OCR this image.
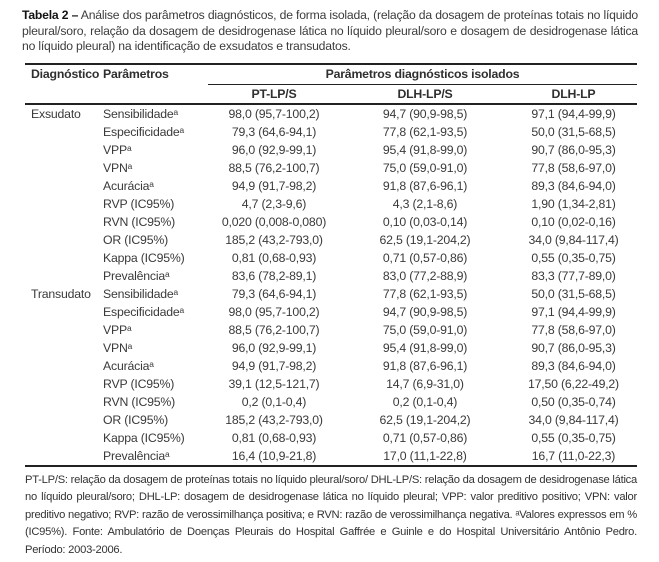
Tabela 2 – Análise dos parâmetros diagnósticos, de forma isolada, (relação da dosagem de proteínas totais no líquido pleural/soro, relação da dosagem de desidrogenase lática no líquido pleural/soro e dosagem de desidrogenase lática no líquido pleural) na identificação de exsudatos e transudatos.

Diagnóstico	Parâmetros	Parâmetros diagnósticos isolados		
		PT-LP/S	DLH-LP/S	DLH-LP
Exsudato	Sensibilidadeᵃ	98,0 (95,7-100,2)	94,7 (90,9-98,5)	97,1 (94,4-99,9)
	Especificidadeᵃ	79,3 (64,6-94,1)	77,8 (62,1-93,5)	50,0 (31,5-68,5)
	VPPᵃ	96,0 (92,9-99,1)	95,4 (91,8-99,0)	90,7 (86,0-95,3)
	VPNᵃ	88,5 (76,2-100,7)	75,0 (59,0-91,0)	77,8 (58,6-97,0)
	Acuráciaᵃ	94,9 (91,7-98,2)	91,8 (87,6-96,1)	89,3 (84,6-94,0)
	RVP (IC95%)	4,7 (2,3-9,6)	4,3 (2,1-8,6)	1,90 (1,34-2,81)
	RVN (IC95%)	0,020 (0,008-0,080)	0,10 (0,03-0,14)	0,10 (0,02-0,16)
	OR (IC95%)	185,2 (43,2-793,0)	62,5 (19,1-204,2)	34,0 (9,84-117,4)
	Kappa (IC95%)	0,81 (0,68-0,93)	0,71 (0,57-0,86)	0,55 (0,35-0,75)
	Prevalênciaᵃ	83,6 (78,2-89,1)	83,0 (77,2-88,9)	83,3 (77,7-89,0)
Transudato	Sensibilidadeᵃ	79,3 (64,6-94,1)	77,8 (62,1-93,5)	50,0 (31,5-68,5)
	Especificidadeᵃ	98,0 (95,7-100,2)	94,7 (90,9-98,5)	97,1 (94,4-99,9)
	VPPᵃ	88,5 (76,2-100,7)	75,0 (59,0-91,0)	77,8 (58,6-97,0)
	VPNᵃ	96,0 (92,9-99,1)	95,4 (91,8-99,0)	90,7 (86,0-95,3)
	Acuráciaᵃ	94,9 (91,7-98,2)	91,8 (87,6-96,1)	89,3 (84,6-94,0)
	RVP (IC95%)	39,1 (12,5-121,7)	14,7 (6,9-31,0)	17,50 (6,22-49,2)
	RVN (IC95%)	0,2 (0,1-0,4)	0,2 (0,1-0,4)	0,50 (0,35-0,74)
	OR (IC95%)	185,2 (43,2-793,0)	62,5 (19,1-204,2)	34,0 (9,84-117,4)
	Kappa (IC95%)	0,81 (0,68-0,93)	0,71 (0,57-0,86)	0,55 (0,35-0,75)
	Prevalênciaᵃ	16,4 (10,9-21,8)	17,0 (11,1-22,8)	16,7 (11,0-22,3)

PT-LP/S: relação da dosagem de proteínas totais no líquido pleural/soro/ DHL-LP/S: relação da dosagem de desidrogenase lática no líquido pleural/soro; DHL-LP: dosagem de desidrogenase lática no líquido pleural; VPP: valor preditivo positivo; VPN: valor preditivo negativo; RVP: razão de verossimilhança positiva; e RVN: razão de verossimilhança negativa. ᵃValores expressos em % (IC95%). Fonte: Ambulatório de Doenças Pleurais do Hospital Gaffrée e Guinle e do Hospital Universitário Antônio Pedro. Período: 2003-2006.
